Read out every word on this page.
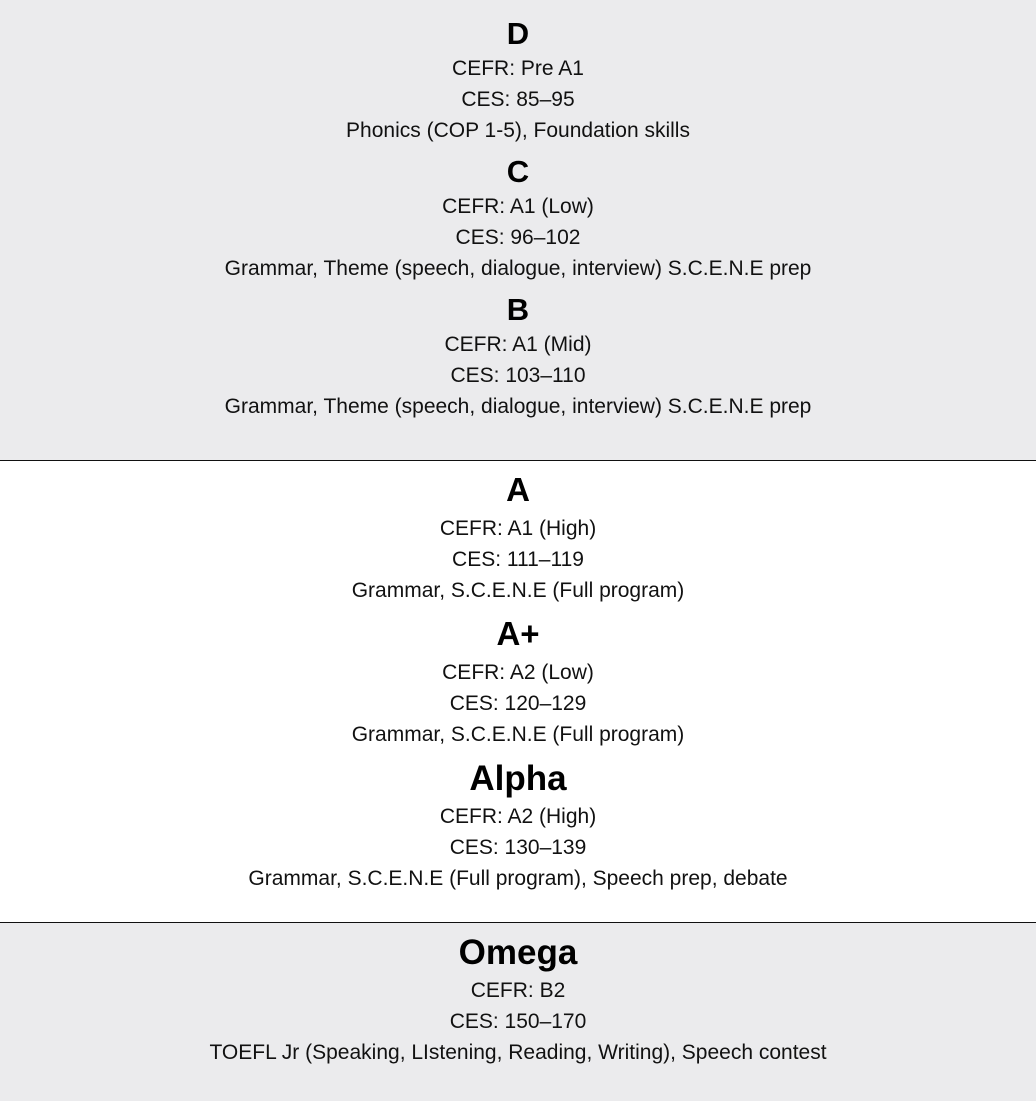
D
CEFR: Pre A1
CES: 85–95
Phonics (COP 1-5), Foundation skills
C
CEFR: A1 (Low)
CES: 96–102
Grammar, Theme (speech, dialogue, interview) S.C.E.N.E prep
B
CEFR: A1 (Mid)
CES: 103–110
Grammar, Theme (speech, dialogue, interview) S.C.E.N.E prep
A
CEFR: A1 (High)
CES: 111–119
Grammar, S.C.E.N.E (Full program)
A+
CEFR: A2 (Low)
CES: 120–129
Grammar, S.C.E.N.E (Full program)
Alpha
CEFR: A2 (High)
CES: 130–139
Grammar, S.C.E.N.E (Full program), Speech prep, debate
Omega
CEFR: B2
CES: 150–170
TOEFL Jr (Speaking, LIstening, Reading, Writing), Speech contest
